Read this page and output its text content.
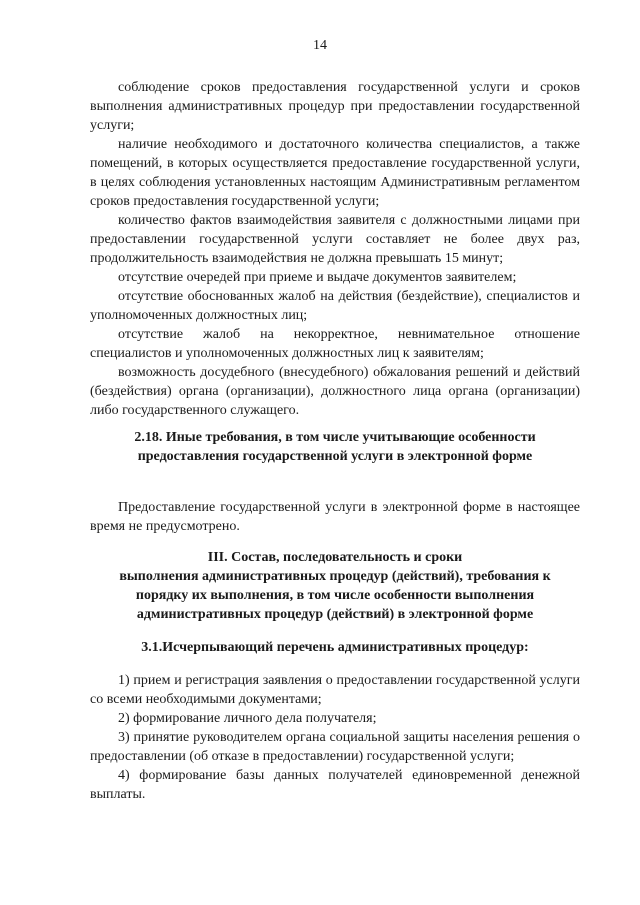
14

соблюдение сроков предоставления государственной услуги и сроков выполнения административных процедур при предоставлении государственной услуги;

наличие необходимого и достаточного количества специалистов, а также помещений, в которых осуществляется предоставление государственной услуги, в целях соблюдения установленных настоящим Административным регламентом сроков предоставления государственной услуги;

количество фактов взаимодействия заявителя с должностными лицами при предоставлении государственной услуги составляет не более двух раз, продолжительность взаимодействия не должна превышать 15 минут;

отсутствие очередей при приеме и выдаче документов заявителем;

отсутствие обоснованных жалоб на действия (бездействие), специалистов и уполномоченных должностных лиц;

отсутствие жалоб на некорректное, невнимательное отношение специалистов и уполномоченных должностных лиц к заявителям;

возможность досудебного (внесудебного) обжалования решений и действий (бездействия) органа (организации), должностного лица органа (организации) либо государственного служащего.

2.18. Иные требования, в том числе учитывающие особенности
предоставления государственной услуги в электронной форме

Предоставление государственной услуги в электронной форме в настоящее время не предусмотрено.

III. Состав, последовательность и сроки
выполнения административных процедур (действий), требования к
порядку их выполнения, в том числе особенности выполнения
административных процедур (действий) в электронной форме
3.1.Исчерпывающий перечень административных процедур:

1) прием и регистрация заявления о предоставлении государственной услуги со всеми необходимыми документами;

2) формирование личного дела получателя;

3) принятие руководителем органа социальной защиты населения решения о предоставлении (об отказе в предоставлении) государственной услуги;

4) формирование базы данных получателей единовременной денежной выплаты.
